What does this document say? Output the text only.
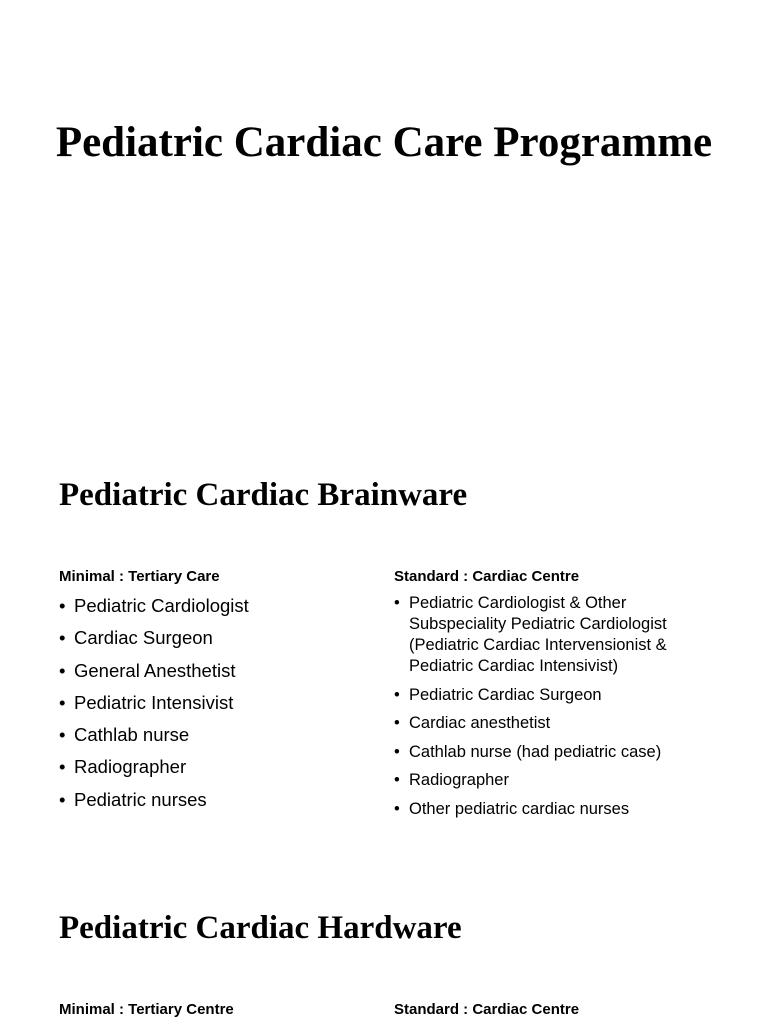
Pediatric Cardiac Care Programme
Pediatric Cardiac Brainware
Minimal : Tertiary Care	Standard : Cardiac Centre
• Pediatric Cardiologist
• Cardiac Surgeon
• General Anesthetist
• Pediatric Intensivist
• Cathlab nurse
• Radiographer
• Pediatric nurses
• Pediatric Cardiologist & Other Subspeciality Pediatric Cardiologist (Pediatric Cardiac Intervensionist & Pediatric Cardiac Intensivist)
• Pediatric Cardiac Surgeon
• Cardiac anesthetist
• Cathlab nurse (had pediatric case)
• Radiographer
• Other pediatric cardiac nurses
Pediatric Cardiac Hardware
Minimal : Tertiary Centre	Standard : Cardiac Centre
